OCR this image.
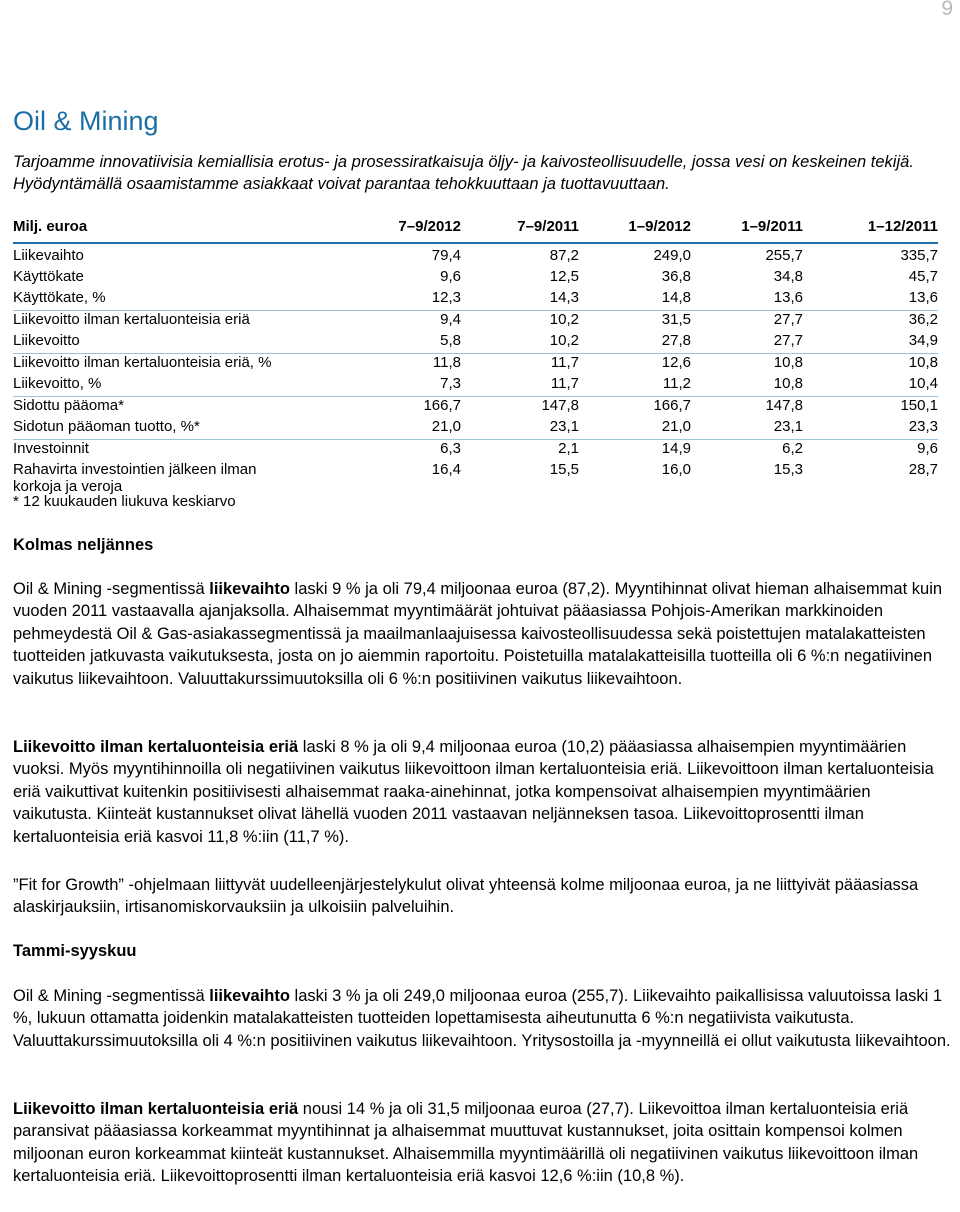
9
Oil & Mining

Tarjoamme innovatiivisia kemiallisia erotus- ja prosessiratkaisuja öljy- ja kaivosteollisuudelle, jossa vesi on keskeinen tekijä. Hyödyntämällä osaamistamme asiakkaat voivat parantaa tehokkuuttaan ja tuottavuuttaan.

Milj. euroa	7–9/2012	7–9/2011	1–9/2012	1–9/2011	1–12/2011
Liikevaihto	79,4	87,2	249,0	255,7	335,7
Käyttökate	9,6	12,5	36,8	34,8	45,7
Käyttökate, %	12,3	14,3	14,8	13,6	13,6
Liikevoitto ilman kertaluonteisia eriä	9,4	10,2	31,5	27,7	36,2
Liikevoitto	5,8	10,2	27,8	27,7	34,9
Liikevoitto ilman kertaluonteisia eriä, %	11,8	11,7	12,6	10,8	10,8
Liikevoitto, %	7,3	11,7	11,2	10,8	10,4
Sidottu pääoma*	166,7	147,8	166,7	147,8	150,1
Sidotun pääoman tuotto, %*	21,0	23,1	21,0	23,1	23,3
Investoinnit	6,3	2,1	14,9	6,2	9,6
Rahavirta investointien jälkeen ilman
korkoja ja veroja	16,4	15,5	16,0	15,3	28,7
* 12 kuukauden liukuva keskiarvo
Kolmas neljännes

Oil & Mining -segmentissä liikevaihto laski 9 % ja oli 79,4 miljoonaa euroa (87,2). Myyntihinnat olivat hieman alhaisemmat kuin vuoden 2011 vastaavalla ajanjaksolla. Alhaisemmat myyntimäärät johtuivat pääasiassa Pohjois-Amerikan markkinoiden pehmeydestä Oil & Gas-asiakassegmentissä ja maailmanlaajuisessa kaivosteollisuudessa sekä poistettujen matalakatteisten tuotteiden jatkuvasta vaikutuksesta, josta on jo aiemmin raportoitu. Poistetuilla matalakatteisilla tuotteilla oli 6 %:n negatiivinen vaikutus liikevaihtoon. Valuuttakurssimuutoksilla oli 6 %:n positiivinen vaikutus liikevaihtoon.

Liikevoitto ilman kertaluonteisia eriä laski 8 % ja oli 9,4 miljoonaa euroa (10,2) pääasiassa alhaisempien myyntimäärien vuoksi. Myös myyntihinnoilla oli negatiivinen vaikutus liikevoittoon ilman kertaluonteisia eriä. Liikevoittoon ilman kertaluonteisia eriä vaikuttivat kuitenkin positiivisesti alhaisemmat raaka-ainehinnat, jotka kompensoivat alhaisempien myyntimäärien vaikutusta. Kiinteät kustannukset olivat lähellä vuoden 2011 vastaavan neljänneksen tasoa. Liikevoittoprosentti ilman kertaluonteisia eriä kasvoi 11,8 %:iin (11,7 %).

”Fit for Growth” -ohjelmaan liittyvät uudelleenjärjestelykulut olivat yhteensä kolme miljoonaa euroa, ja ne liittyivät pääasiassa alaskirjauksiin, irtisanomiskorvauksiin ja ulkoisiin palveluihin.

Tammi-syyskuu

Oil & Mining -segmentissä liikevaihto laski 3 % ja oli 249,0 miljoonaa euroa (255,7). Liikevaihto paikallisissa valuutoissa laski 1 %, lukuun ottamatta joidenkin matalakatteisten tuotteiden lopettamisesta aiheutunutta 6 %:n negatiivista vaikutusta. Valuuttakurssimuutoksilla oli 4 %:n positiivinen vaikutus liikevaihtoon. Yritysostoilla ja -myynneillä ei ollut vaikutusta liikevaihtoon.

Liikevoitto ilman kertaluonteisia eriä nousi 14 % ja oli 31,5 miljoonaa euroa (27,7). Liikevoittoa ilman kertaluonteisia eriä paransivat pääasiassa korkeammat myyntihinnat ja alhaisemmat muuttuvat kustannukset, joita osittain kompensoi kolmen miljoonan euron korkeammat kiinteät kustannukset. Alhaisemmilla myyntimäärillä oli negatiivinen vaikutus liikevoittoon ilman kertaluonteisia eriä. Liikevoittoprosentti ilman kertaluonteisia eriä kasvoi 12,6 %:iin (10,8 %).
